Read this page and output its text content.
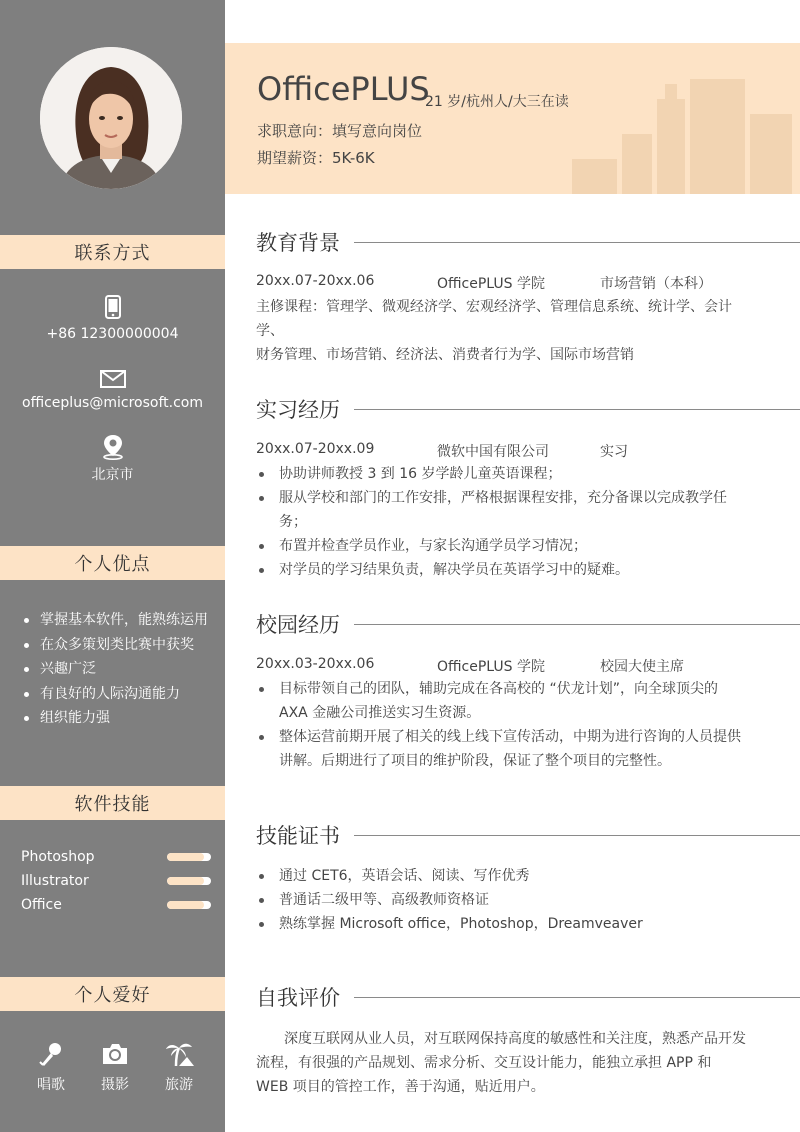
联系方式
+86 12300000004
officeplus@microsoft.com
北京市
个人优点
掌握基本软件，能熟练运用
在众多策划类比赛中获奖
兴趣广泛
有良好的人际沟通能力
组织能力强
软件技能
Photoshop
Illustrator
Office
个人爱好
唱歌	摄影	旅游
OfficePLUS
21 岁/杭州人/大三在读
求职意向：填写意向岗位
期望薪资：5K-6K
教育背景
20xx.07-20xx.06	OfficePLUS 学院	市场营销（本科）
主修课程：管理学、微观经济学、宏观经济学、管理信息系统、统计学、会计学、
财务管理、市场营销、经济法、消费者行为学、国际市场营销
实习经历
20xx.07-20xx.09	微软中国有限公司	实习
协助讲师教授 3 到 16 岁学龄儿童英语课程；
服从学校和部门的工作安排，严格根据课程安排，充分备课以完成教学任务；
布置并检查学员作业，与家长沟通学员学习情况；
对学员的学习结果负责，解决学员在英语学习中的疑难。
校园经历
20xx.03-20xx.06	OfficePLUS 学院	校园大使主席
目标带领自己的团队，辅助完成在各高校的 “伏龙计划”，向全球顶尖的 AXA 金融公司推送实习生资源。
整体运营前期开展了相关的线上线下宣传活动，中期为进行咨询的人员提供讲解。后期进行了项目的维护阶段，保证了整个项目的完整性。
技能证书
通过 CET6，英语会话、阅读、写作优秀
普通话二级甲等、高级教师资格证
熟练掌握 Microsoft office，Photoshop，Dreamveaver
自我评价
　　深度互联网从业人员，对互联网保持高度的敏感性和关注度，熟悉产品开发流程，有很强的产品规划、需求分析、交互设计能力，能独立承担 APP 和 WEB 项目的管控工作，善于沟通，贴近用户。
